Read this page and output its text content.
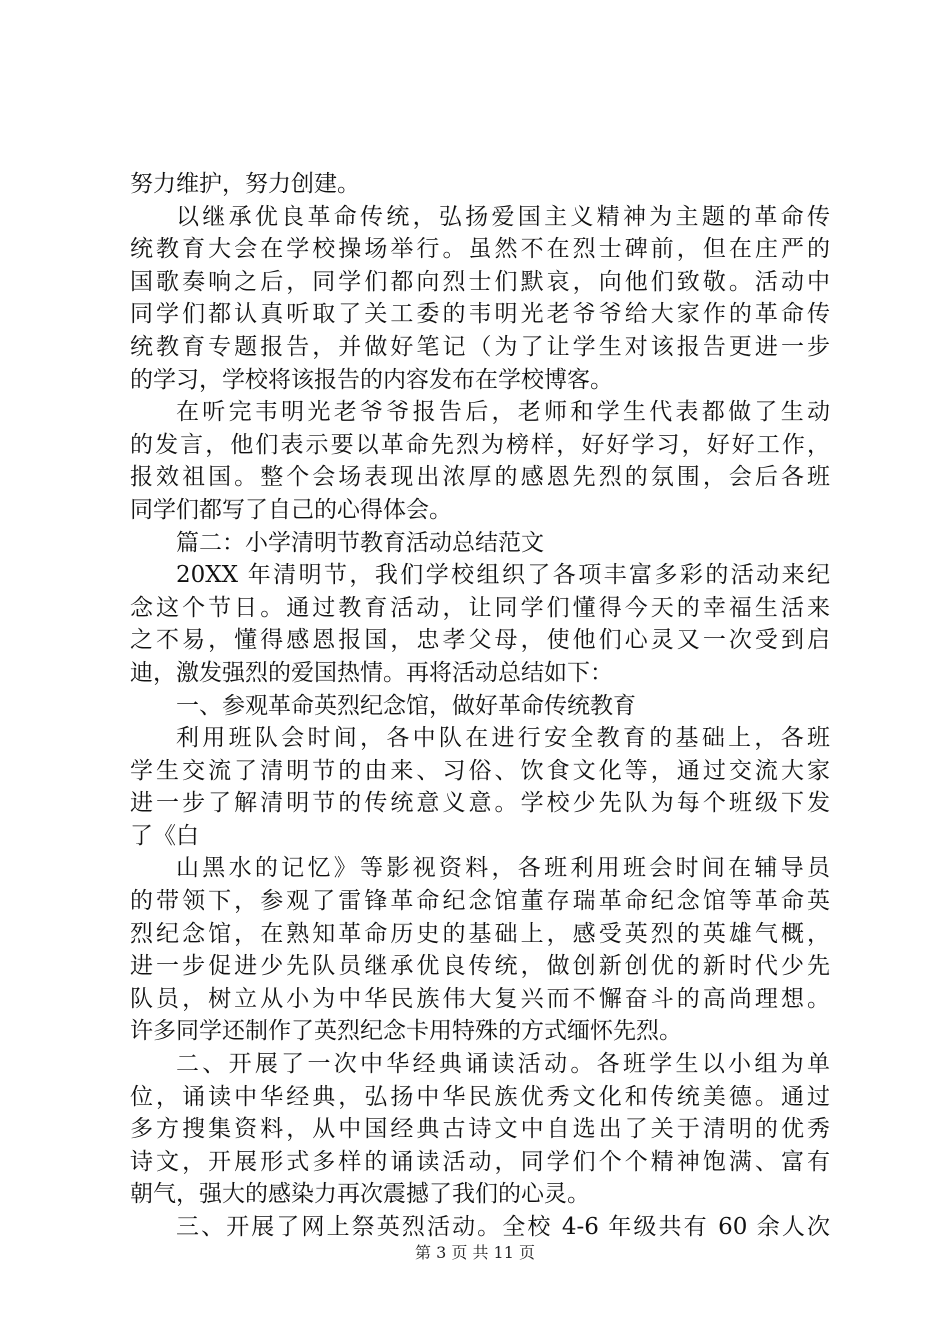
努力维护，努力创建。
以继承优良革命传统，弘扬爱国主义精神为主题的革命传
统教育大会在学校操场举行。虽然不在烈士碑前，但在庄严的
国歌奏响之后，同学们都向烈士们默哀，向他们致敬。活动中
同学们都认真听取了关工委的韦明光老爷爷给大家作的革命传
统教育专题报告，并做好笔记（为了让学生对该报告更进一步
的学习，学校将该报告的内容发布在学校博客。
在听完韦明光老爷爷报告后，老师和学生代表都做了生动
的发言，他们表示要以革命先烈为榜样，好好学习，好好工作，
报效祖国。整个会场表现出浓厚的感恩先烈的氛围，会后各班
同学们都写了自己的心得体会。
篇二：小学清明节教育活动总结范文
20XX 年清明节，我们学校组织了各项丰富多彩的活动来纪
念这个节日。通过教育活动，让同学们懂得今天的幸福生活来
之不易，懂得感恩报国，忠孝父母，使他们心灵又一次受到启
迪，激发强烈的爱国热情。再将活动总结如下：
一、参观革命英烈纪念馆，做好革命传统教育
利用班队会时间，各中队在进行安全教育的基础上，各班
学生交流了清明节的由来、习俗、饮食文化等，通过交流大家
进一步了解清明节的传统意义意。学校少先队为每个班级下发
了《白
山黑水的记忆》等影视资料，各班利用班会时间在辅导员
的带领下，参观了雷锋革命纪念馆董存瑞革命纪念馆等革命英
烈纪念馆，在熟知革命历史的基础上，感受英烈的英雄气概，
进一步促进少先队员继承优良传统，做创新创优的新时代少先
队员，树立从小为中华民族伟大复兴而不懈奋斗的高尚理想。
许多同学还制作了英烈纪念卡用特殊的方式缅怀先烈。
二、开展了一次中华经典诵读活动。各班学生以小组为单
位，诵读中华经典，弘扬中华民族优秀文化和传统美德。通过
多方搜集资料，从中国经典古诗文中自选出了关于清明的优秀
诗文，开展形式多样的诵读活动，同学们个个精神饱满、富有
朝气，强大的感染力再次震撼了我们的心灵。
三、开展了网上祭英烈活动。全校 4-6 年级共有 60 余人次
第 3 页 共 11 页
